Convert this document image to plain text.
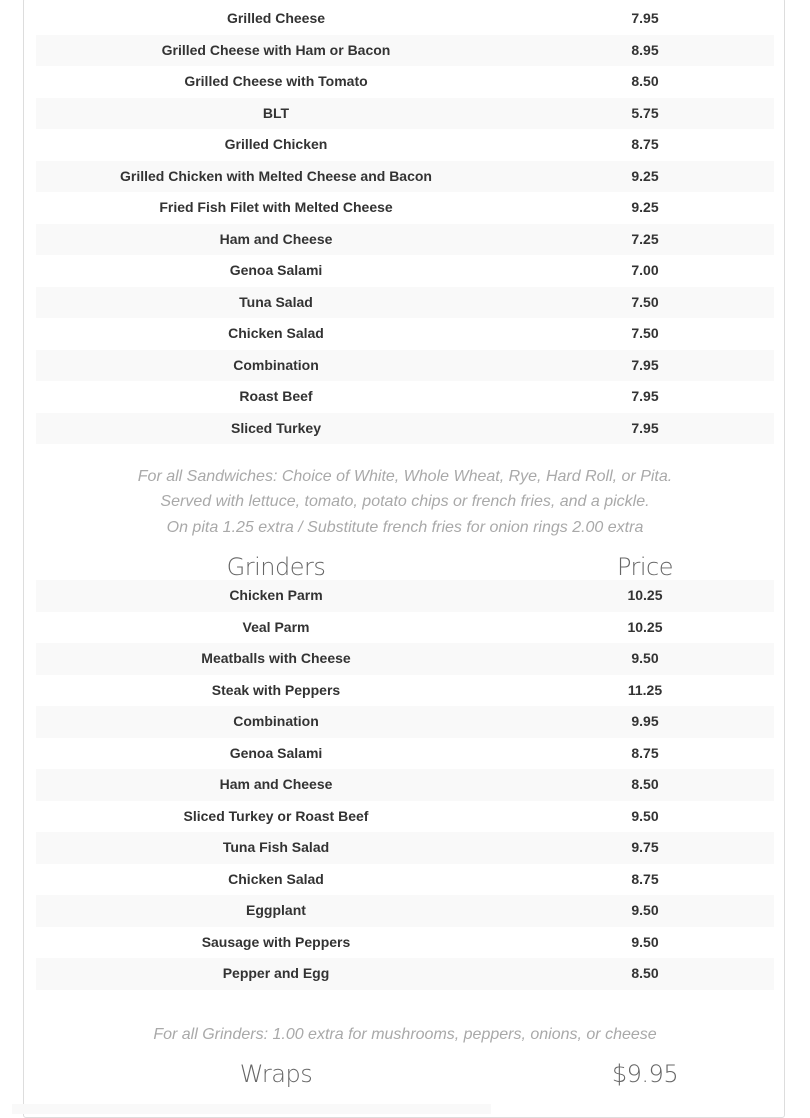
Grilled Cheese	7.95
Grilled Cheese with Ham or Bacon	8.95
Grilled Cheese with Tomato	8.50
BLT	5.75
Grilled Chicken	8.75
Grilled Chicken with Melted Cheese and Bacon	9.25
Fried Fish Filet with Melted Cheese	9.25
Ham and Cheese	7.25
Genoa Salami	7.00
Tuna Salad	7.50
Chicken Salad	7.50
Combination	7.95
Roast Beef	7.95
Sliced Turkey	7.95
Chicken Parm	10.25
Veal Parm	10.25
Meatballs with Cheese	9.50
Steak with Peppers	11.25
Combination	9.95
Genoa Salami	8.75
Ham and Cheese	8.50
Sliced Turkey or Roast Beef	9.50
Tuna Fish Salad	9.75
Chicken Salad	8.75
Eggplant	9.50
Sausage with Peppers	9.50
Pepper and Egg	8.50
For all Sandwiches: Choice of White, Whole Wheat, Rye, Hard Roll, or Pita.
Served with lettuce, tomato, potato chips or french fries, and a pickle.
On pita 1.25 extra / Substitute french fries for onion rings 2.00 extra
Grinders	Price
For all Grinders: 1.00 extra for mushrooms, peppers, onions, or cheese
Wraps	$9.95
